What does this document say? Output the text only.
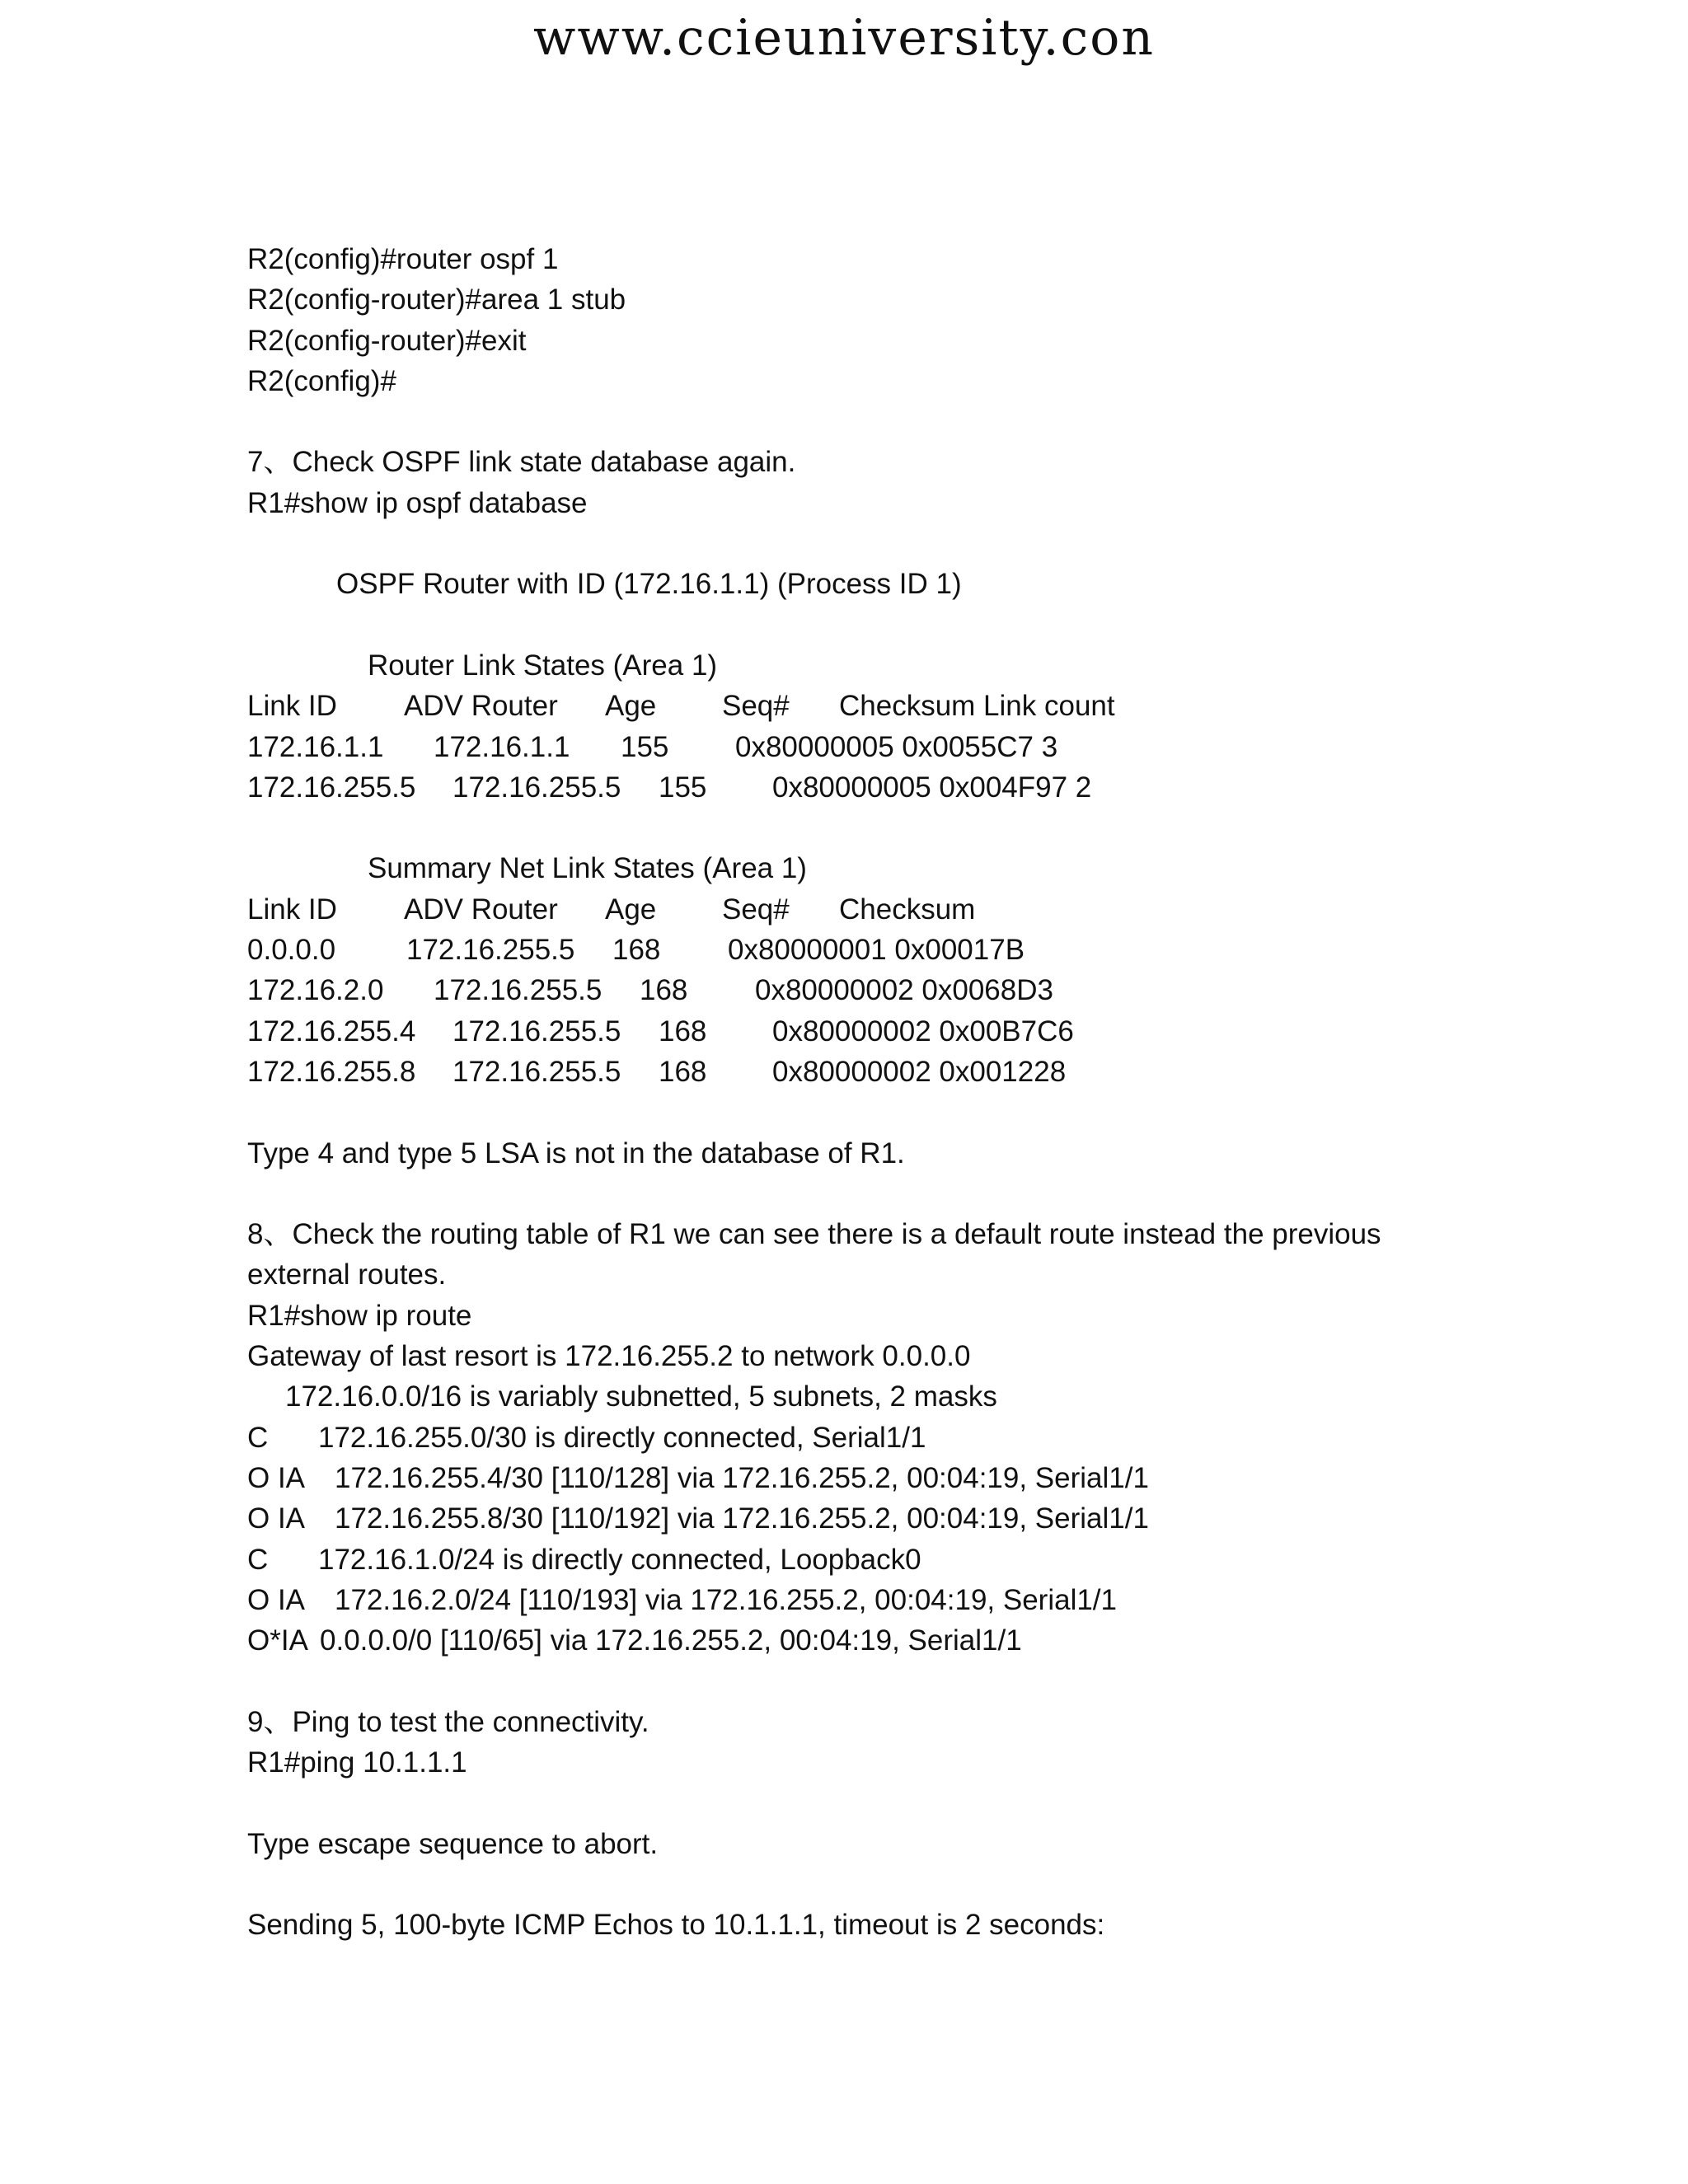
www.ccieuniversity.con
R2(config)#router ospf 1
R2(config-router)#area 1 stub
R2(config-router)#exit
R2(config)#
7、Check OSPF link state database again.
R1#show ip ospf database
OSPF Router with ID (172.16.1.1) (Process ID 1)
Router Link States (Area 1)
Link ID	ADV Router	Age	Seq#	Checksum Link count
172.16.1.1	172.16.1.1	155	0x80000005 0x0055C7 3
172.16.255.5	172.16.255.5	155	0x80000005 0x004F97 2
Summary Net Link States (Area 1)
Link ID	ADV Router	Age	Seq#	Checksum
0.0.0.0	172.16.255.5	168	0x80000001 0x00017B
172.16.2.0	172.16.255.5	168	0x80000002 0x0068D3
172.16.255.4	172.16.255.5	168	0x80000002 0x00B7C6
172.16.255.8	172.16.255.5	168	0x80000002 0x001228
Type 4 and type 5 LSA is not in the database of R1.
8、Check the routing table of R1 we can see there is a default route instead the previous external routes.
R1#show ip route
Gateway of last resort is 172.16.255.2 to network 0.0.0.0
172.16.0.0/16 is variably subnetted, 5 subnets, 2 masks
C	172.16.255.0/30 is directly connected, Serial1/1
O IA	172.16.255.4/30 [110/128] via 172.16.255.2, 00:04:19, Serial1/1
O IA	172.16.255.8/30 [110/192] via 172.16.255.2, 00:04:19, Serial1/1
C	172.16.1.0/24 is directly connected, Loopback0
O IA	172.16.2.0/24 [110/193] via 172.16.255.2, 00:04:19, Serial1/1
O*IA 0.0.0.0/0 [110/65] via 172.16.255.2, 00:04:19, Serial1/1
9、Ping to test the connectivity.
R1#ping 10.1.1.1
Type escape sequence to abort.
Sending 5, 100-byte ICMP Echos to 10.1.1.1, timeout is 2 seconds:
